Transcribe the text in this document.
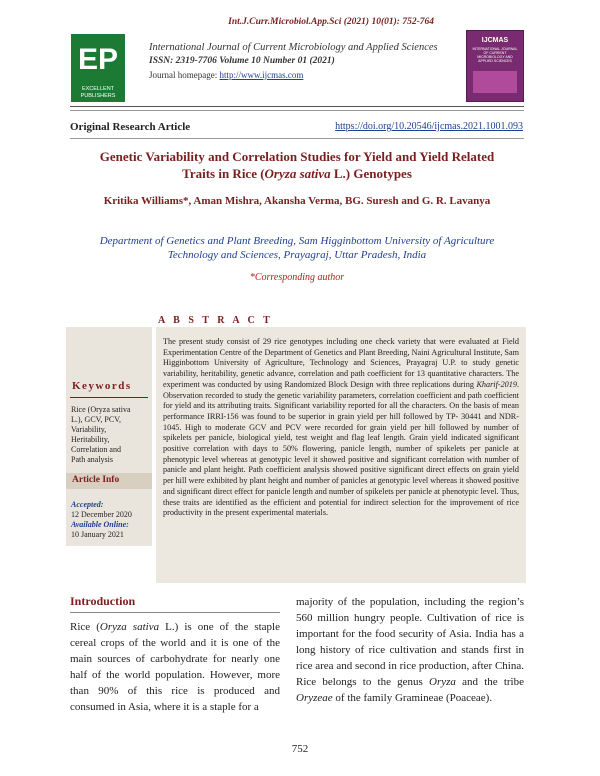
Int.J.Curr.Microbiol.App.Sci (2021) 10(01): 752-764
EP
EXCELLENT
PUBLISHERS
International Journal of Current Microbiology and Applied Sciences
ISSN: 2319-7706 Volume 10 Number 01 (2021)
Journal homepage: http://www.ijcmas.com
IJCMAS
INTERNATIONAL JOURNAL OF CURRENT MICROBIOLOGY AND APPLIED SCIENCES
Original Research Article	https://doi.org/10.20546/ijcmas.2021.1001.093
Genetic Variability and Correlation Studies for Yield and Yield Related
Traits in Rice (Oryza sativa L.) Genotypes
Kritika Williams*, Aman Mishra, Akansha Verma, BG. Suresh and G. R. Lavanya
Department of Genetics and Plant Breeding, Sam Higginbottom University of Agriculture
Technology and Sciences, Prayagraj, Uttar Pradesh, India
*Corresponding author
A B S T R A C T
Keywords
Rice (Oryza sativa
L.), GCV, PCV,
Variability,
Heritability,
Correlation and
Path analysis
Article Info
Accepted:
12 December 2020
Available Online:
10 January 2021
The present study consist of 29 rice genotypes including one check variety that were evaluated at Field Experimentation Centre of the Department of Genetics and Plant Breeding, Naini Agricultural Institute, Sam Higginbottom University of Agriculture, Technology and Sciences, Prayagraj U.P. to study genetic variability, heritability, genetic advance, correlation and path coefficient for 13 quantitative characters. The experiment was conducted by using Randomized Block Design with three replications during Kharif-2019. Observation recorded to study the genetic variability parameters, correlation coefficient and path coefficient for yield and its attributing traits. Significant variability reported for all the characters. On the basis of mean performance IRRI-156 was found to be superior in grain yield per hill followed by TP- 30441 and NDR-1045. High to moderate GCV and PCV were recorded for grain yield per hill followed by number of spikelets per panicle, biological yield, test weight and flag leaf length. Grain yield indicated significant positive correlation with days to 50% flowering, panicle length, number of spikelets per panicle at phenotypic level whereas at genotypic level it showed positive and significant correlation with number of panicle and plant height. Path coefficient analysis showed positive significant direct effects on grain yield per hill were exhibited by plant height and number of panicles at genotypic level whereas it showed positive and significant direct effect for panicle length and number of spikelets per panicle at phenotypic level. Thus, these traits are identified as the efficient and potential for indirect selection for the improvement of rice productivity in the present experimental materials.
Introduction
Rice (Oryza sativa L.) is one of the staple cereal crops of the world and it is one of the main sources of carbohydrate for nearly one half of the world population. However, more than 90% of this rice is produced and consumed in Asia, where it is a staple for a
majority of the population, including the region’s 560 million hungry people. Cultivation of rice is important for the food security of Asia. India has a long history of rice cultivation and stands first in rice area and second in rice production, after China. Rice belongs to the genus Oryza and the tribe Oryzeae of the family Gramineae (Poaceae).
752
